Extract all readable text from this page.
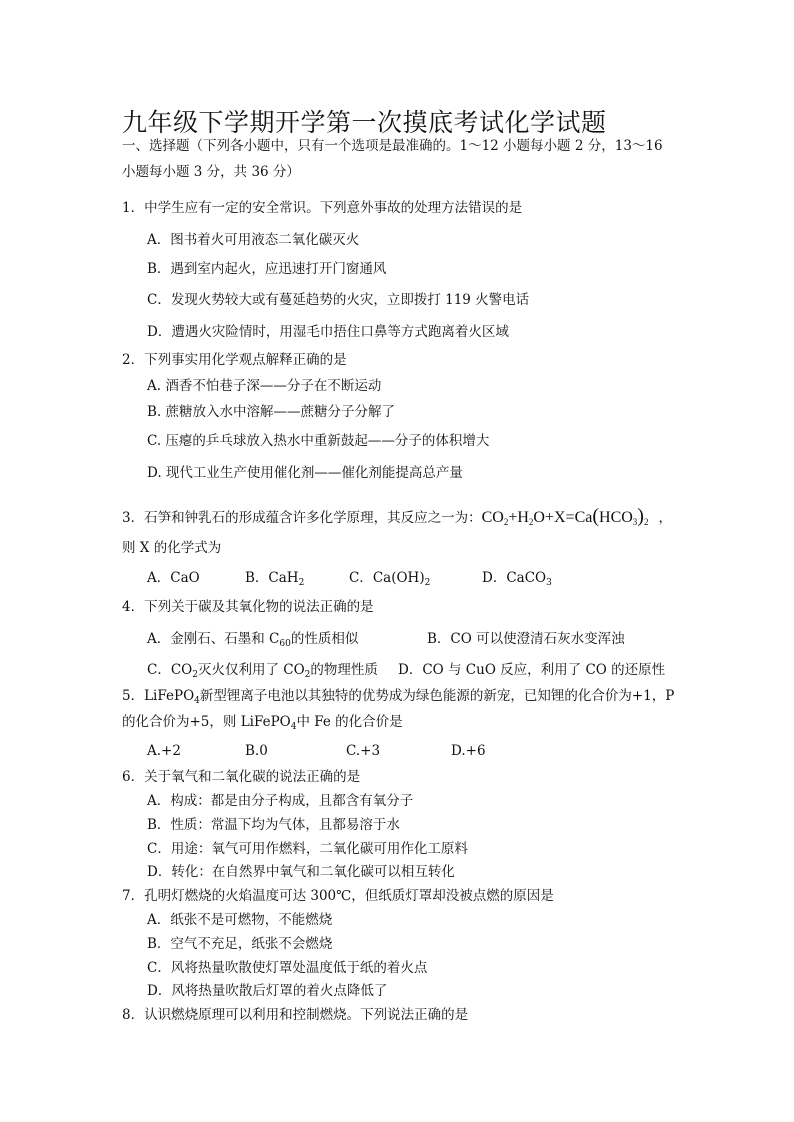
九年级下学期开学第一次摸底考试化学试题
一、选择题（下列各小题中，只有一个选项是最准确的。1～12 小题每小题 2 分，13～16
小题每小题 3 分，共 36 分）
1．中学生应有一定的安全常识。下列意外事故的处理方法错误的是
A．图书着火可用液态二氧化碳灭火
B．遇到室内起火，应迅速打开门窗通风
C．发现火势较大或有蔓延趋势的火灾，立即拨打 119 火警电话
D．遭遇火灾险情时，用湿毛巾捂住口鼻等方式跑离着火区域
2．下列事实用化学观点解释正确的是
A. 酒香不怕巷子深——分子在不断运动
B. 蔗糖放入水中溶解——蔗糖分子分解了
C. 压瘪的乒乓球放入热水中重新鼓起——分子的体积增大
D. 现代工业生产使用催化剂——催化剂能提高总产量
3．石笋和钟乳石的形成蕴含许多化学原理，其反应之一为：$CO_2+H_2O+X=Ca(HCO_3)_2$ ，
则 X 的化学式为
A．CaO	B．CaH$_2$	C．$Ca(OH)_2$	D．CaCO$_3$
4．下列关于碳及其氧化物的说法正确的是
A．金刚石、石墨和 $C_{60}$的性质相似	B．CO 可以使澄清石灰水变浑浊
C．$CO_2$灭火仅利用了 $CO_2$的物理性质 D．CO 与 CuO 反应，利用了 CO 的还原性
5．LiFePO$_4$新型锂离子电池以其独特的优势成为绿色能源的新宠，已知锂的化合价为+1，P
的化合价为+5，则 LiFePO$_4$中 Fe 的化合价是
A.+2	B.0	C.+3	D.+6
6．关于氧气和二氧化碳的说法正确的是
A．构成：都是由分子构成，且都含有氧分子
B．性质：常温下均为气体，且都易溶于水
C．用途：氧气可用作燃料，二氧化碳可用作化工原料
D．转化：在自然界中氧气和二氧化碳可以相互转化
7．孔明灯燃烧的火焰温度可达 300℃，但纸质灯罩却没被点燃的原因是
A．纸张不是可燃物，不能燃烧
B．空气不充足，纸张不会燃烧
C．风将热量吹散使灯罩处温度低于纸的着火点
D．风将热量吹散后灯罩的着火点降低了
8．认识燃烧原理可以利用和控制燃烧。下列说法正确的是
